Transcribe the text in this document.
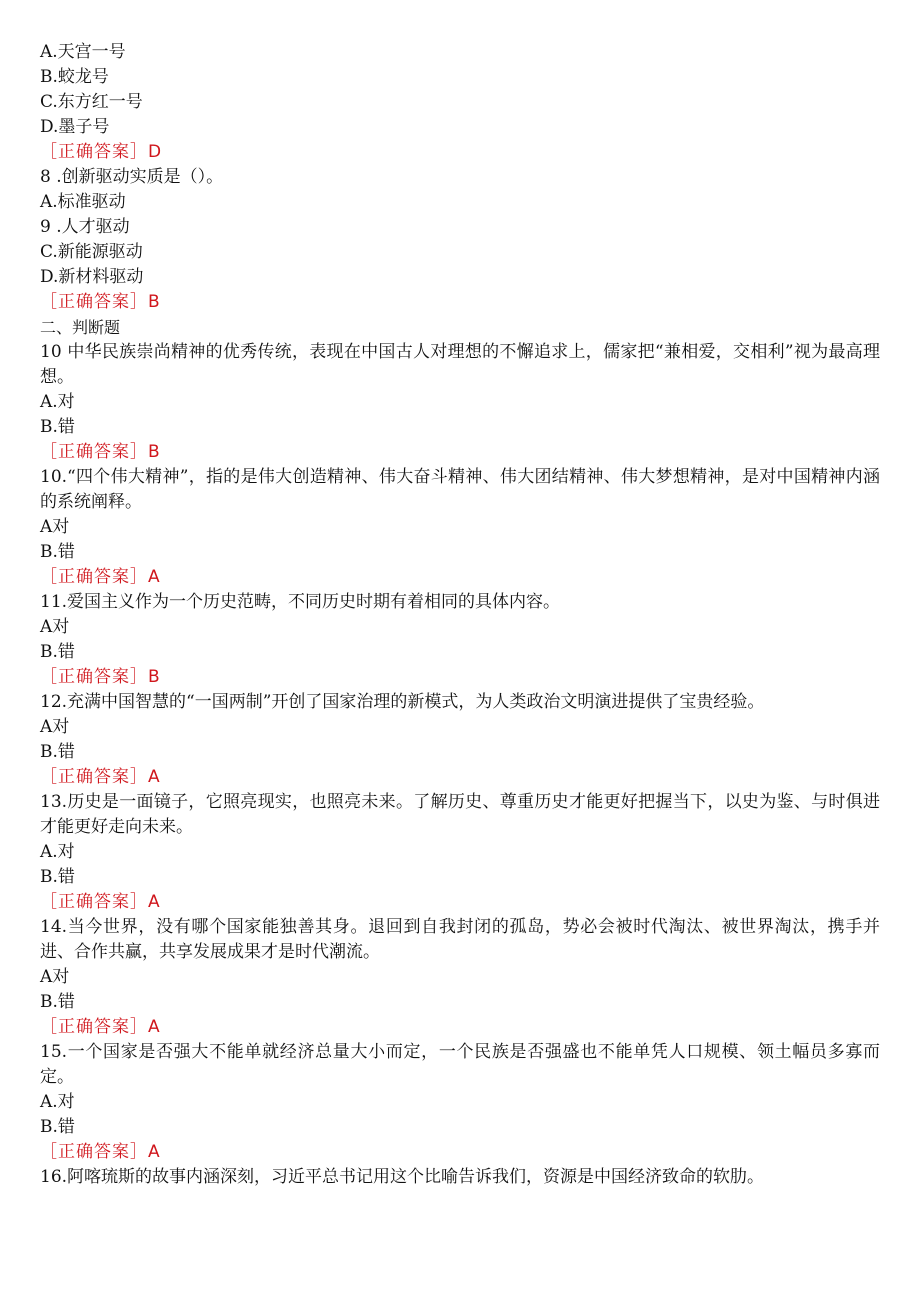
A.天宫一号
B.蛟龙号
C.东方红一号
D.墨子号
［正确答案］D
8 .创新驱动实质是（）。
A.标准驱动
9 .人才驱动
C.新能源驱动
D.新材料驱动
［正确答案］B
二、判断题
10 中华民族崇尚精神的优秀传统，表现在中国古人对理想的不懈追求上，儒家把“兼相爱，交相利”视为最高理想。
A.对
B.错
［正确答案］B
10.“四个伟大精神”，指的是伟大创造精神、伟大奋斗精神、伟大团结精神、伟大梦想精神，是对中国精神内涵的系统阐释。
A对
B.错
［正确答案］A
11.爱国主义作为一个历史范畴，不同历史时期有着相同的具体内容。
A对
B.错
［正确答案］B
12.充满中国智慧的“一国两制”开创了国家治理的新模式，为人类政治文明演进提供了宝贵经验。
A对
B.错
［正确答案］A
13.历史是一面镜子，它照亮现实，也照亮未来。了解历史、尊重历史才能更好把握当下，以史为鉴、与时俱进才能更好走向未来。
A.对
B.错
［正确答案］A
14.当今世界，没有哪个国家能独善其身。退回到自我封闭的孤岛，势必会被时代淘汰、被世界淘汰，携手并进、合作共赢，共享发展成果才是时代潮流。
A对
B.错
［正确答案］A
15.一个国家是否强大不能单就经济总量大小而定，一个民族是否强盛也不能单凭人口规模、领土幅员多寡而定。
A.对
B.错
［正确答案］A
16.阿喀琉斯的故事内涵深刻，习近平总书记用这个比喻告诉我们，资源是中国经济致命的软肋。
